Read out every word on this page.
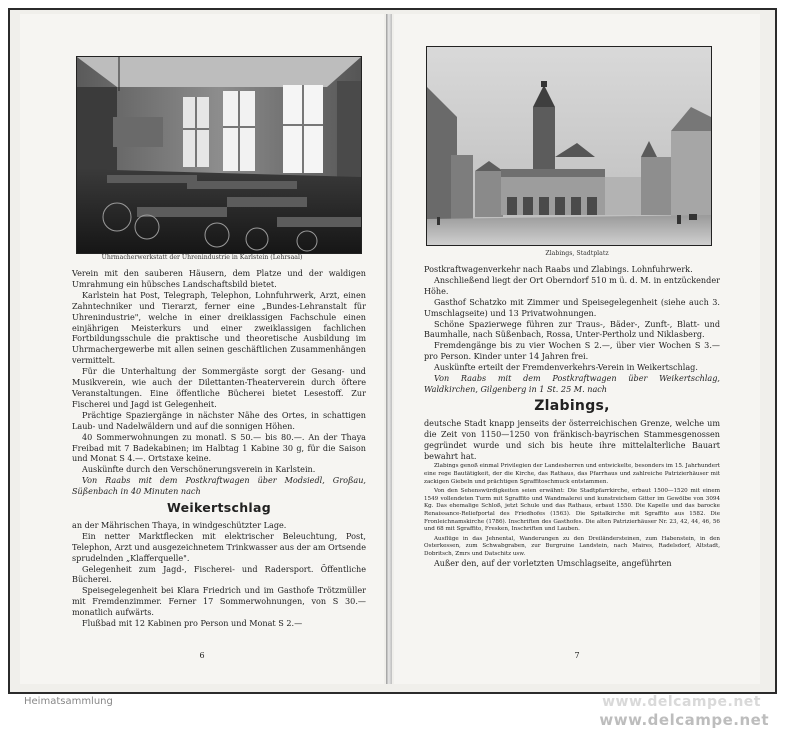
Uhrmacherwerkstatt der Uhrenindustrie in Karlstein (Lehrsaal)

Verein mit den sauberen Häusern, dem Platze und der waldigen Umrahmung ein hübsches Landschaftsbild bietet.

Karlstein hat Post, Telegraph, Telephon, Lohnfuhrwerk, Arzt, einen Zahntechniker und Tierarzt, ferner eine „Bundes-Lehranstalt für Uhrenindustrie", welche in einer dreiklassigen Fachschule einen einjährigen Meisterkurs und einer zweiklassigen fachlichen Fortbildungsschule die praktische und theoretische Ausbildung im Uhrmachergewerbe mit allen seinen geschäftlichen Zusammenhängen vermittelt.

Für die Unterhaltung der Sommergäste sorgt der Gesang- und Musikverein, wie auch der Dilettanten-Theaterverein durch öftere Veranstaltungen. Eine öffentliche Bücherei bietet Lesestoff. Zur Fischerei und Jagd ist Gelegenheit.

Prächtige Spaziergänge in nächster Nähe des Ortes, in schattigen Laub- und Nadelwäldern und auf die sonnigen Höhen.

40 Sommerwohnungen zu monatl. S 50.— bis 80.—. An der Thaya Freibad mit 7 Badekabinen; im Halbtag 1 Kabine 30 g, für die Saison und Monat S 4.—. Ortstaxe keine.

Auskünfte durch den Verschönerungsverein in Karlstein.

Von Raabs mit dem Postkraftwagen über Modsiedl, Großau, Süßenbach in 40 Minuten nach

Weikertschlag

an der Mährischen Thaya, in windgeschützter Lage.

Ein netter Marktflecken mit elektrischer Beleuchtung, Post, Telephon, Arzt und ausgezeichnetem Trinkwasser aus der am Ortsende sprudelnden „Klafferquelle".

Gelegenheit zum Jagd-, Fischerei- und Radersport. Öffentliche Bücherei.

Speisegelegenheit bei Klara Friedrich und im Gasthofe Trötzmüller mit Fremdenzimmer. Ferner 17 Sommerwohnungen, von S 30.— monatlich aufwärts.

Flußbad mit 12 Kabinen pro Person und Monat S 2.—

6
Zlabings, Stadtplatz

Postkraftwagenverkehr nach Raabs und Zlabings. Lohnfuhrwerk.

Anschließend liegt der Ort Oberndorf 510 m ü. d. M. in entzückender Höhe.

Gasthof Schatzko mit Zimmer und Speisegelegenheit (siehe auch 3. Umschlagseite) und 13 Privatwohnungen.

Schöne Spazierwege führen zur Traus-, Bäder-, Zunft-, Blatt- und Baumhalle, nach Süßenbach, Rossa, Unter-Pertholz und Niklasberg.

Fremdengänge bis zu vier Wochen S 2.—, über vier Wochen S 3.— pro Person. Kinder unter 14 Jahren frei.

Auskünfte erteilt der Fremdenverkehrs-Verein in Weikertschlag.

Von Raabs mit dem Postkraftwagen über Weikertschlag, Waldkirchen, Gilgenberg in 1 St. 25 M. nach

Zlabings,

deutsche Stadt knapp jenseits der österreichischen Grenze, welche um die Zeit von 1150—1250 von fränkisch-bayrischen Stammesgenossen gegründet wurde und sich bis heute ihre mittelalterliche Bauart bewahrt hat.

Zlabings genoß einmal Privilegien der Landesherren und entwickelte, besonders im 15. Jahrhundert eine rege Bautätigkeit, der die Kirche, das Rathaus, das Pfarrhaus und zahlreiche Patrizierhäuser mit zackigen Giebeln und prächtigen Sgraffitoschmuck entstammen.

Von den Sehenswürdigkeiten seien erwähnt: Die Stadtpfarrkirche, erbaut 1500—1520 mit einem 1549 vollendeten Turm mit Sgraffito und Wandmalerei und kunstreichem Gitter im Gewölbe von 3094 Kg. Das ehemalige Schloß, jetzt Schule und das Rathaus, erbaut 1550. Die Kapelle und das barocke Renaissance-Reliefportal des Friedhofes (1563). Die Spitalkirche mit Sgraffito aus 1582. Die Fronleichnamskirche (1786). Inschriften des Gasthofes. Die alten Patrizierhäuser Nr. 23, 42, 44, 46, 56 und 68 mit Sgraffito, Fresken, Inschriften und Lauben.

Ausflüge in das Jehnental, Wanderungen zu den Dreiländersteinen, zum Habenstein, in den Osterkessen, zum Schwabgraben, zur Burgruine Landstein, nach Maires, Radelsdorf, Altstadt, Dobritsch, Zmrs und Datschitz usw.

Außer den, auf der vorletzten Umschlagseite, angeführten

7
Heimatsammlung	www.delcampe.net
www.delcampe.net
